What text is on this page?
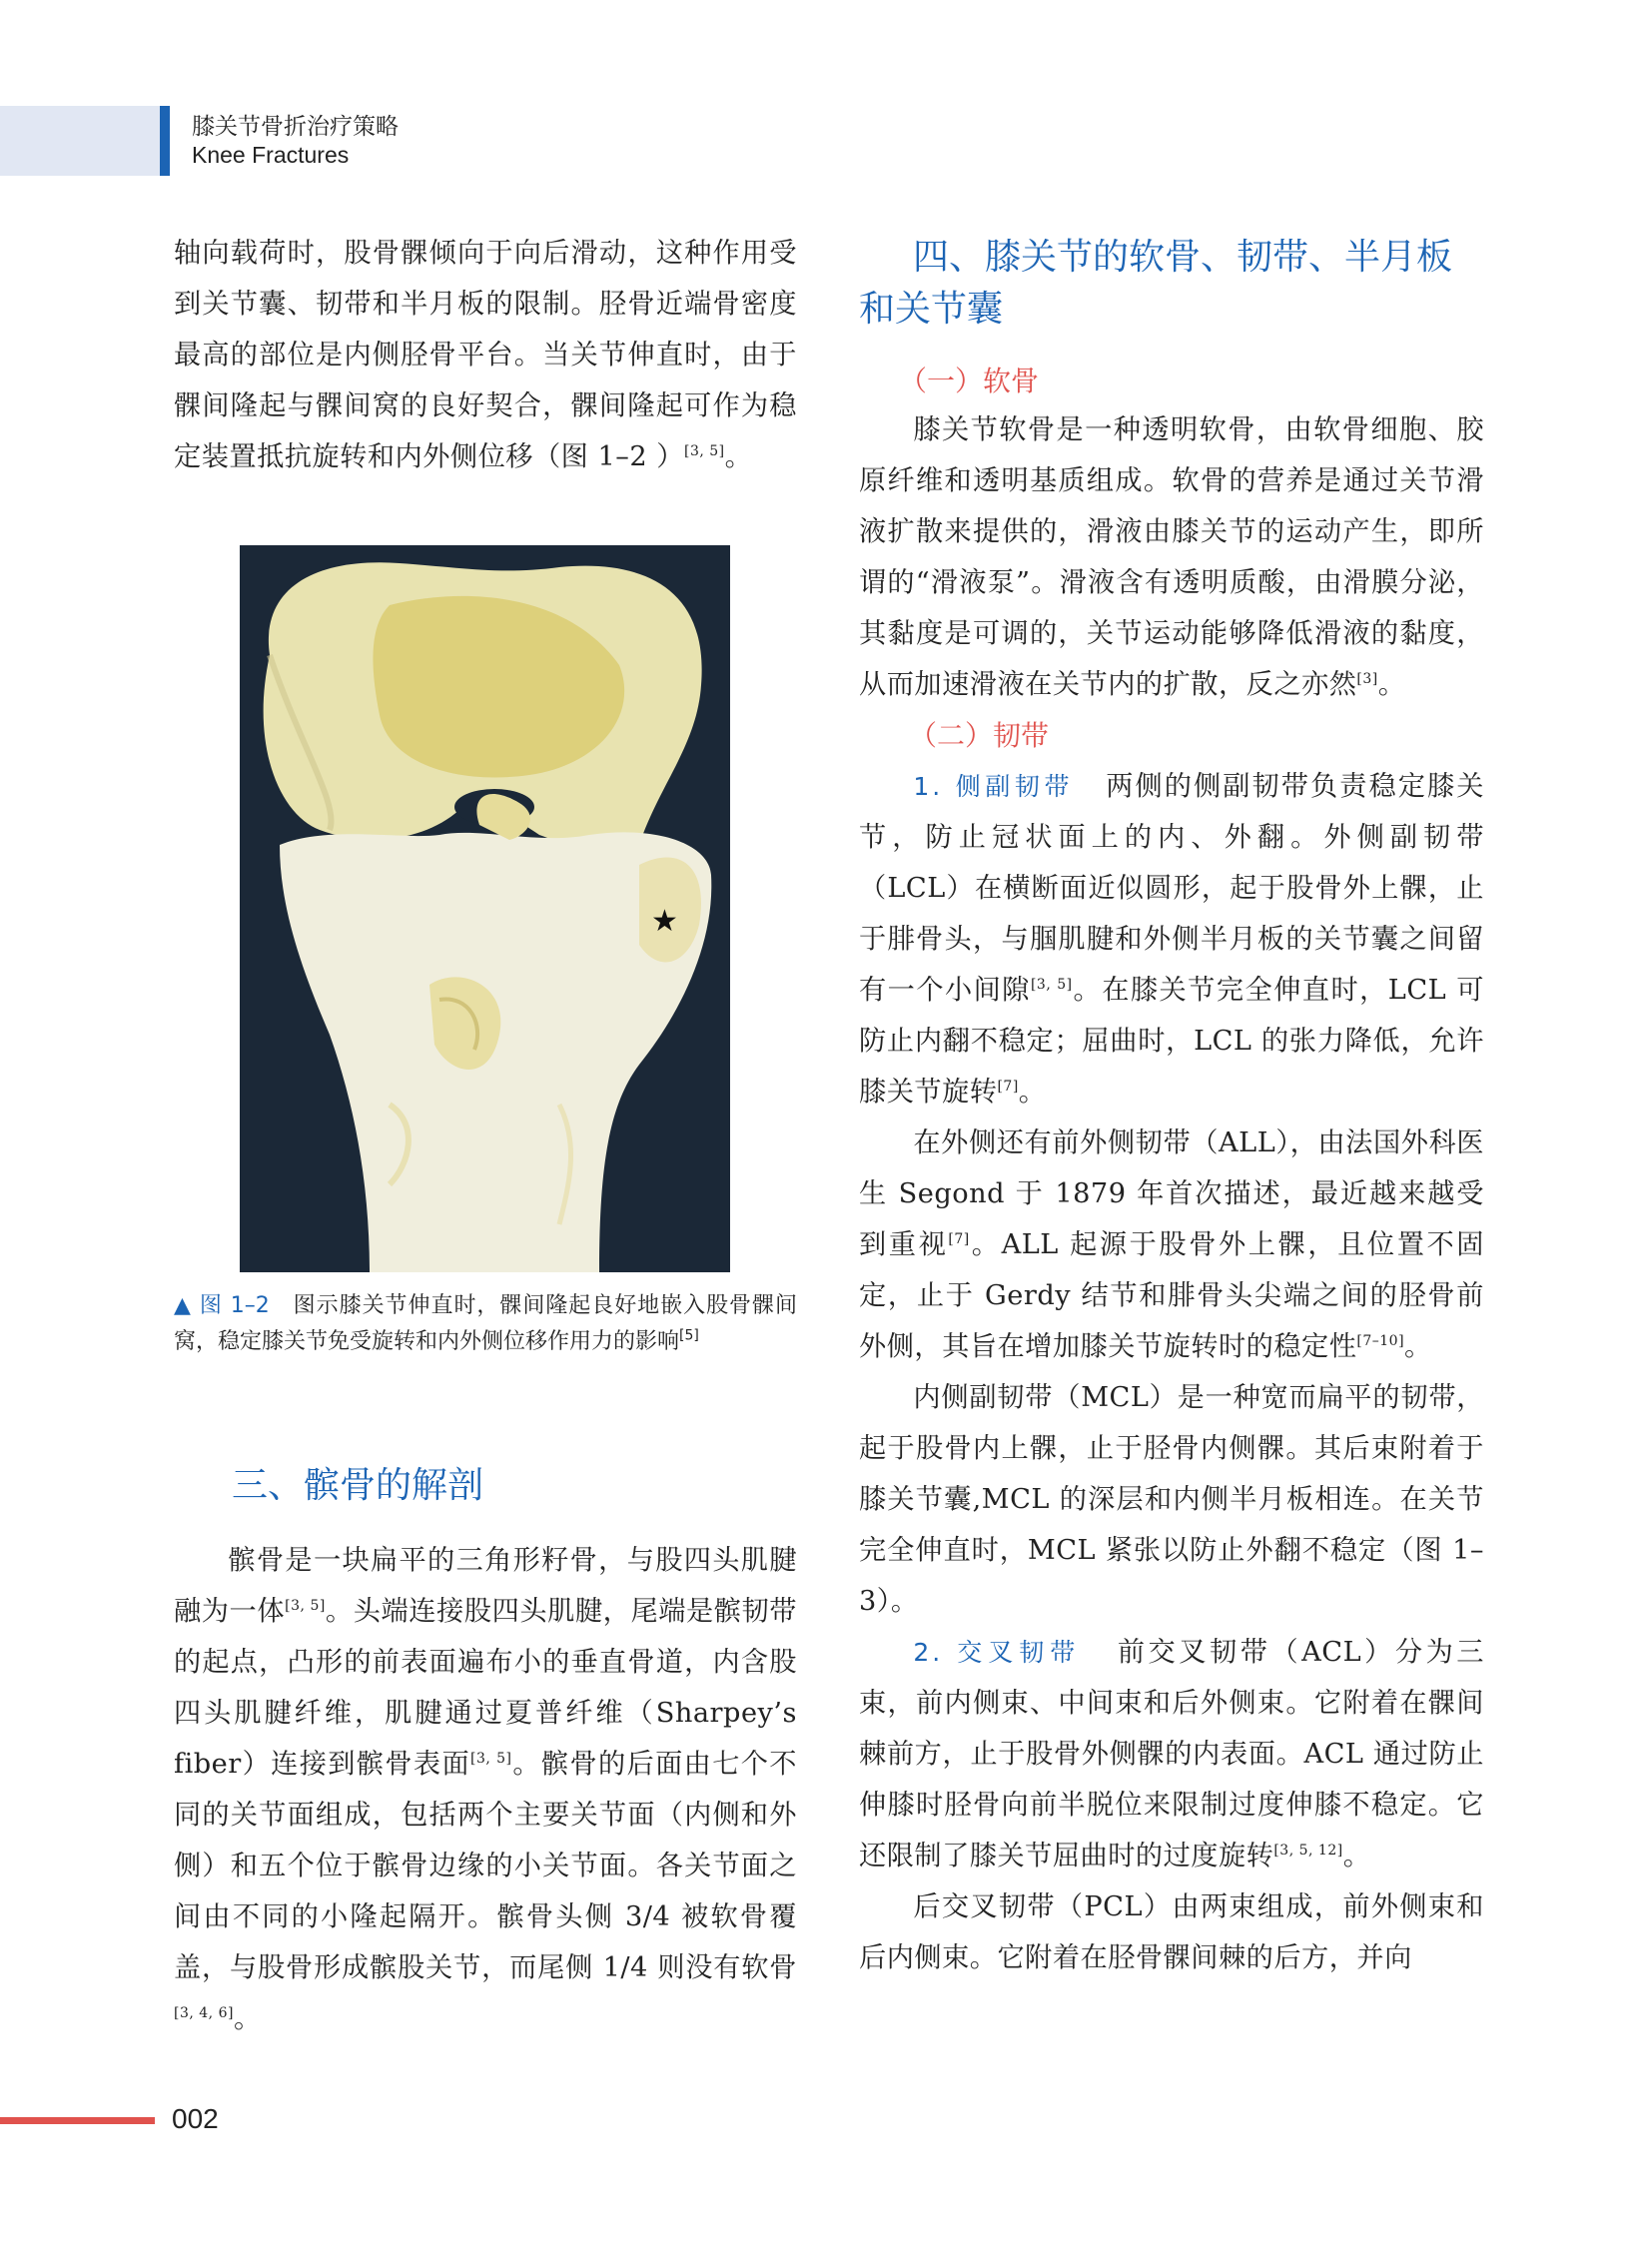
膝关节骨折治疗策略
Knee Fractures

轴向载荷时，股骨髁倾向于向后滑动，这种作用受到关节囊、韧带和半月板的限制。胫骨近端骨密度最高的部位是内侧胫骨平台。当关节伸直时，由于髁间隆起与髁间窝的良好契合，髁间隆起可作为稳定装置抵抗旋转和内外侧位移（图 1–2 ）[3, 5]。

★
▲ 图 1–2 图示膝关节伸直时，髁间隆起良好地嵌入股骨髁间窝，稳定膝关节免受旋转和内外侧位移作用力的影响[5]
三、髌骨的解剖

髌骨是一块扁平的三角形籽骨，与股四头肌腱融为一体[3, 5]。头端连接股四头肌腱，尾端是髌韧带的起点，凸形的前表面遍布小的垂直骨道，内含股四头肌腱纤维，肌腱通过夏普纤维（Sharpey’s fiber）连接到髌骨表面[3, 5]。髌骨的后面由七个不同的关节面组成，包括两个主要关节面（内侧和外侧）和五个位于髌骨边缘的小关节面。各关节面之间由不同的小隆起隔开。髌骨头侧 3/4 被软骨覆盖，与股骨形成髌股关节，而尾侧 1/4 则没有软骨[3, 4, 6]。

四、膝关节的软骨、韧带、半月板
和关节囊
（一）软骨

膝关节软骨是一种透明软骨，由软骨细胞、胶原纤维和透明基质组成。软骨的营养是通过关节滑液扩散来提供的，滑液由膝关节的运动产生，即所谓的“滑液泵”。滑液含有透明质酸，由滑膜分泌，其黏度是可调的，关节运动能够降低滑液的黏度，从而加速滑液在关节内的扩散，反之亦然[3]。

（二）韧带

1. 侧副韧带 两侧的侧副韧带负责稳定膝关节，防止冠状面上的内、外翻。外侧副韧带（LCL）在横断面近似圆形，起于股骨外上髁，止于腓骨头，与腘肌腱和外侧半月板的关节囊之间留有一个小间隙[3, 5]。在膝关节完全伸直时，LCL 可防止内翻不稳定；屈曲时，LCL 的张力降低，允许膝关节旋转[7]。

在外侧还有前外侧韧带（ALL），由法国外科医生 Segond 于 1879 年首次描述，最近越来越受到重视[7]。ALL 起源于股骨外上髁，且位置不固定，止于 Gerdy 结节和腓骨头尖端之间的胫骨前外侧，其旨在增加膝关节旋转时的稳定性[7–10]。

内侧副韧带（MCL）是一种宽而扁平的韧带，起于股骨内上髁，止于胫骨内侧髁。其后束附着于膝关节囊,MCL 的深层和内侧半月板相连。在关节完全伸直时，MCL 紧张以防止外翻不稳定（图 1–3）。

2. 交叉韧带 前交叉韧带（ACL）分为三束，前内侧束、中间束和后外侧束。它附着在髁间棘前方，止于股骨外侧髁的内表面。ACL 通过防止伸膝时胫骨向前半脱位来限制过度伸膝不稳定。它还限制了膝关节屈曲时的过度旋转[3, 5, 12]。

后交叉韧带（PCL）由两束组成，前外侧束和后内侧束。它附着在胫骨髁间棘的后方，并向

002
